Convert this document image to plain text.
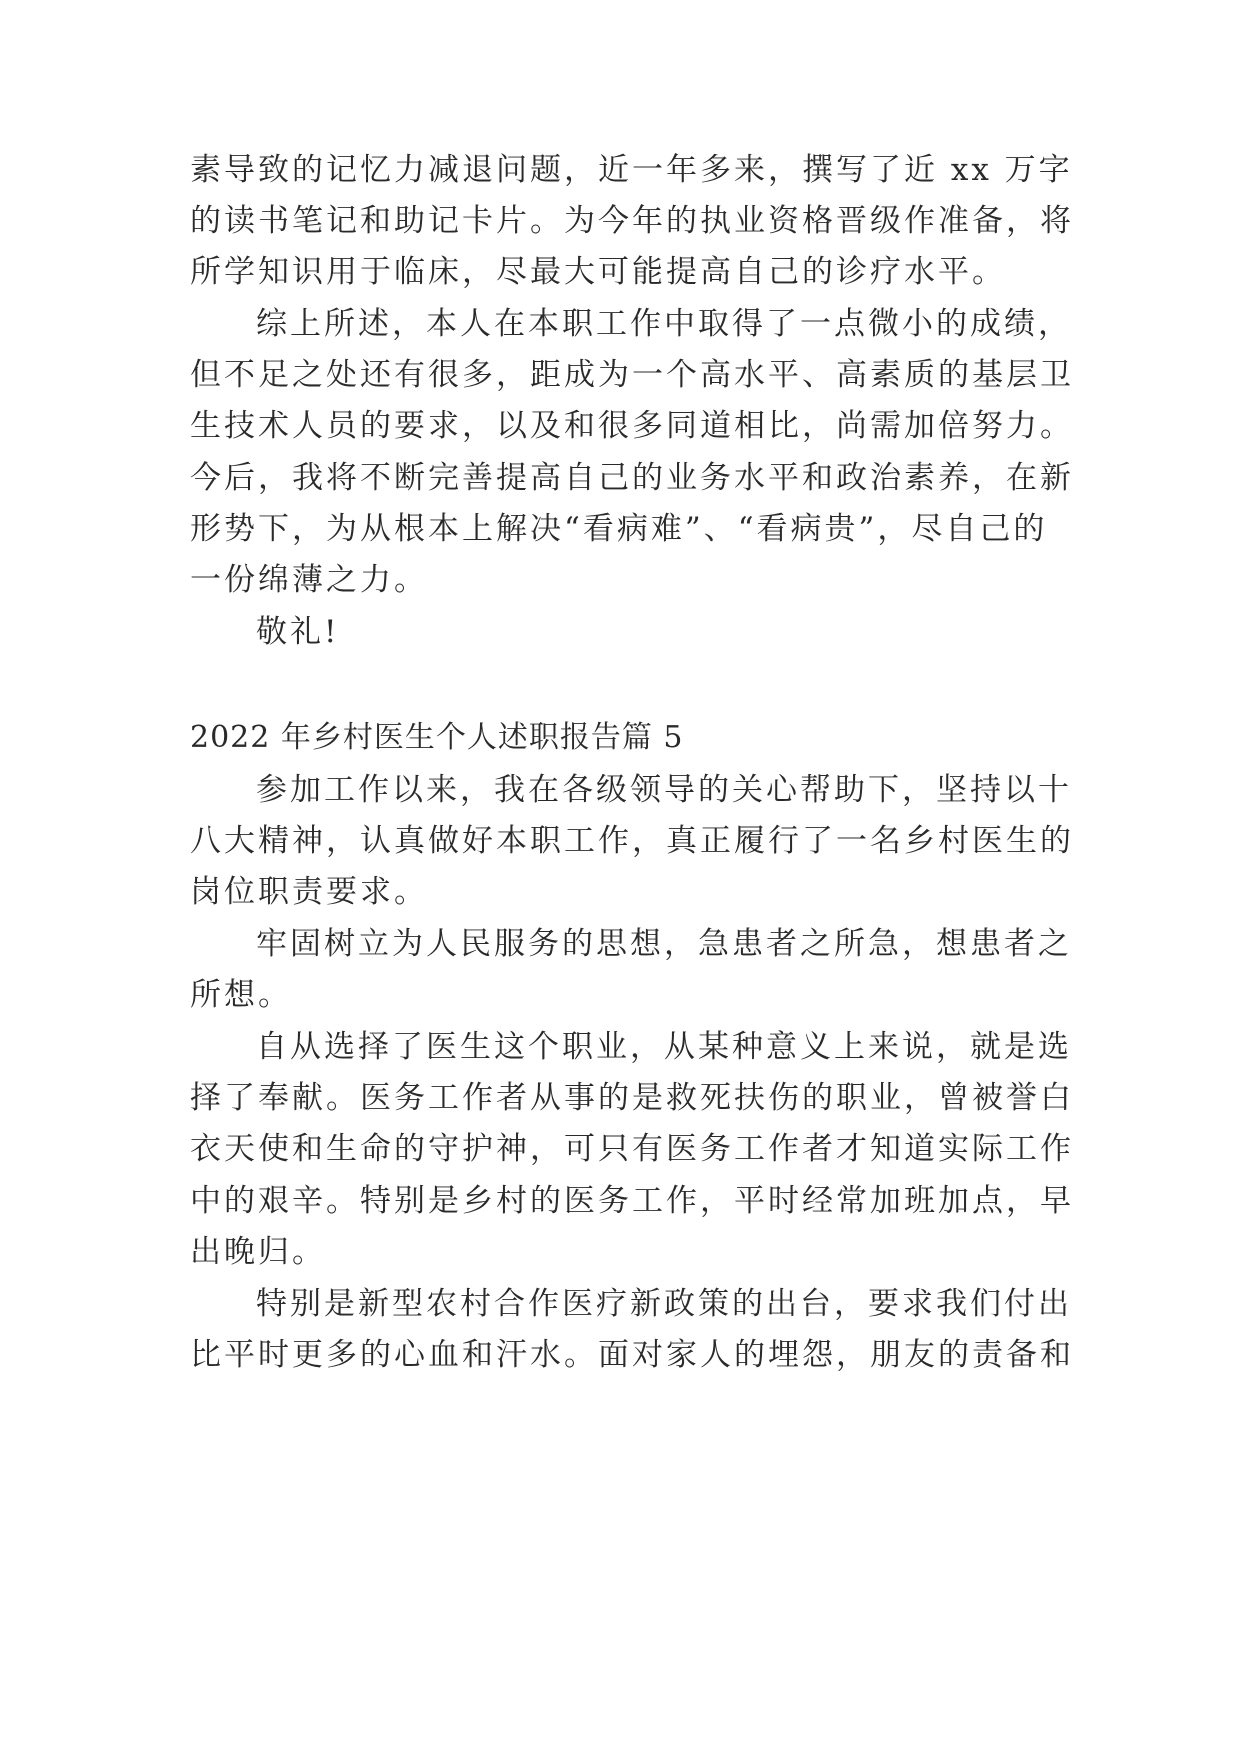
素导致的记忆力减退问题，近一年多来，撰写了近 xx 万字
的读书笔记和助记卡片。为今年的执业资格晋级作准备，将
所学知识用于临床，尽最大可能提高自己的诊疗水平。
综上所述，本人在本职工作中取得了一点微小的成绩，
但不足之处还有很多，距成为一个高水平、高素质的基层卫
生技术人员的要求，以及和很多同道相比，尚需加倍努力。
今后，我将不断完善提高自己的业务水平和政治素养，在新
形势下，为从根本上解决“看病难”、“看病贵”，尽自己的
一份绵薄之力。
敬礼!
2022 年乡村医生个人述职报告篇 5
参加工作以来，我在各级领导的关心帮助下，坚持以十
八大精神，认真做好本职工作，真正履行了一名乡村医生的
岗位职责要求。
牢固树立为人民服务的思想，急患者之所急，想患者之
所想。
自从选择了医生这个职业，从某种意义上来说，就是选
择了奉献。医务工作者从事的是救死扶伤的职业，曾被誉白
衣天使和生命的守护神，可只有医务工作者才知道实际工作
中的艰辛。特别是乡村的医务工作，平时经常加班加点，早
出晚归。
特别是新型农村合作医疗新政策的出台，要求我们付出
比平时更多的心血和汗水。面对家人的埋怨，朋友的责备和
